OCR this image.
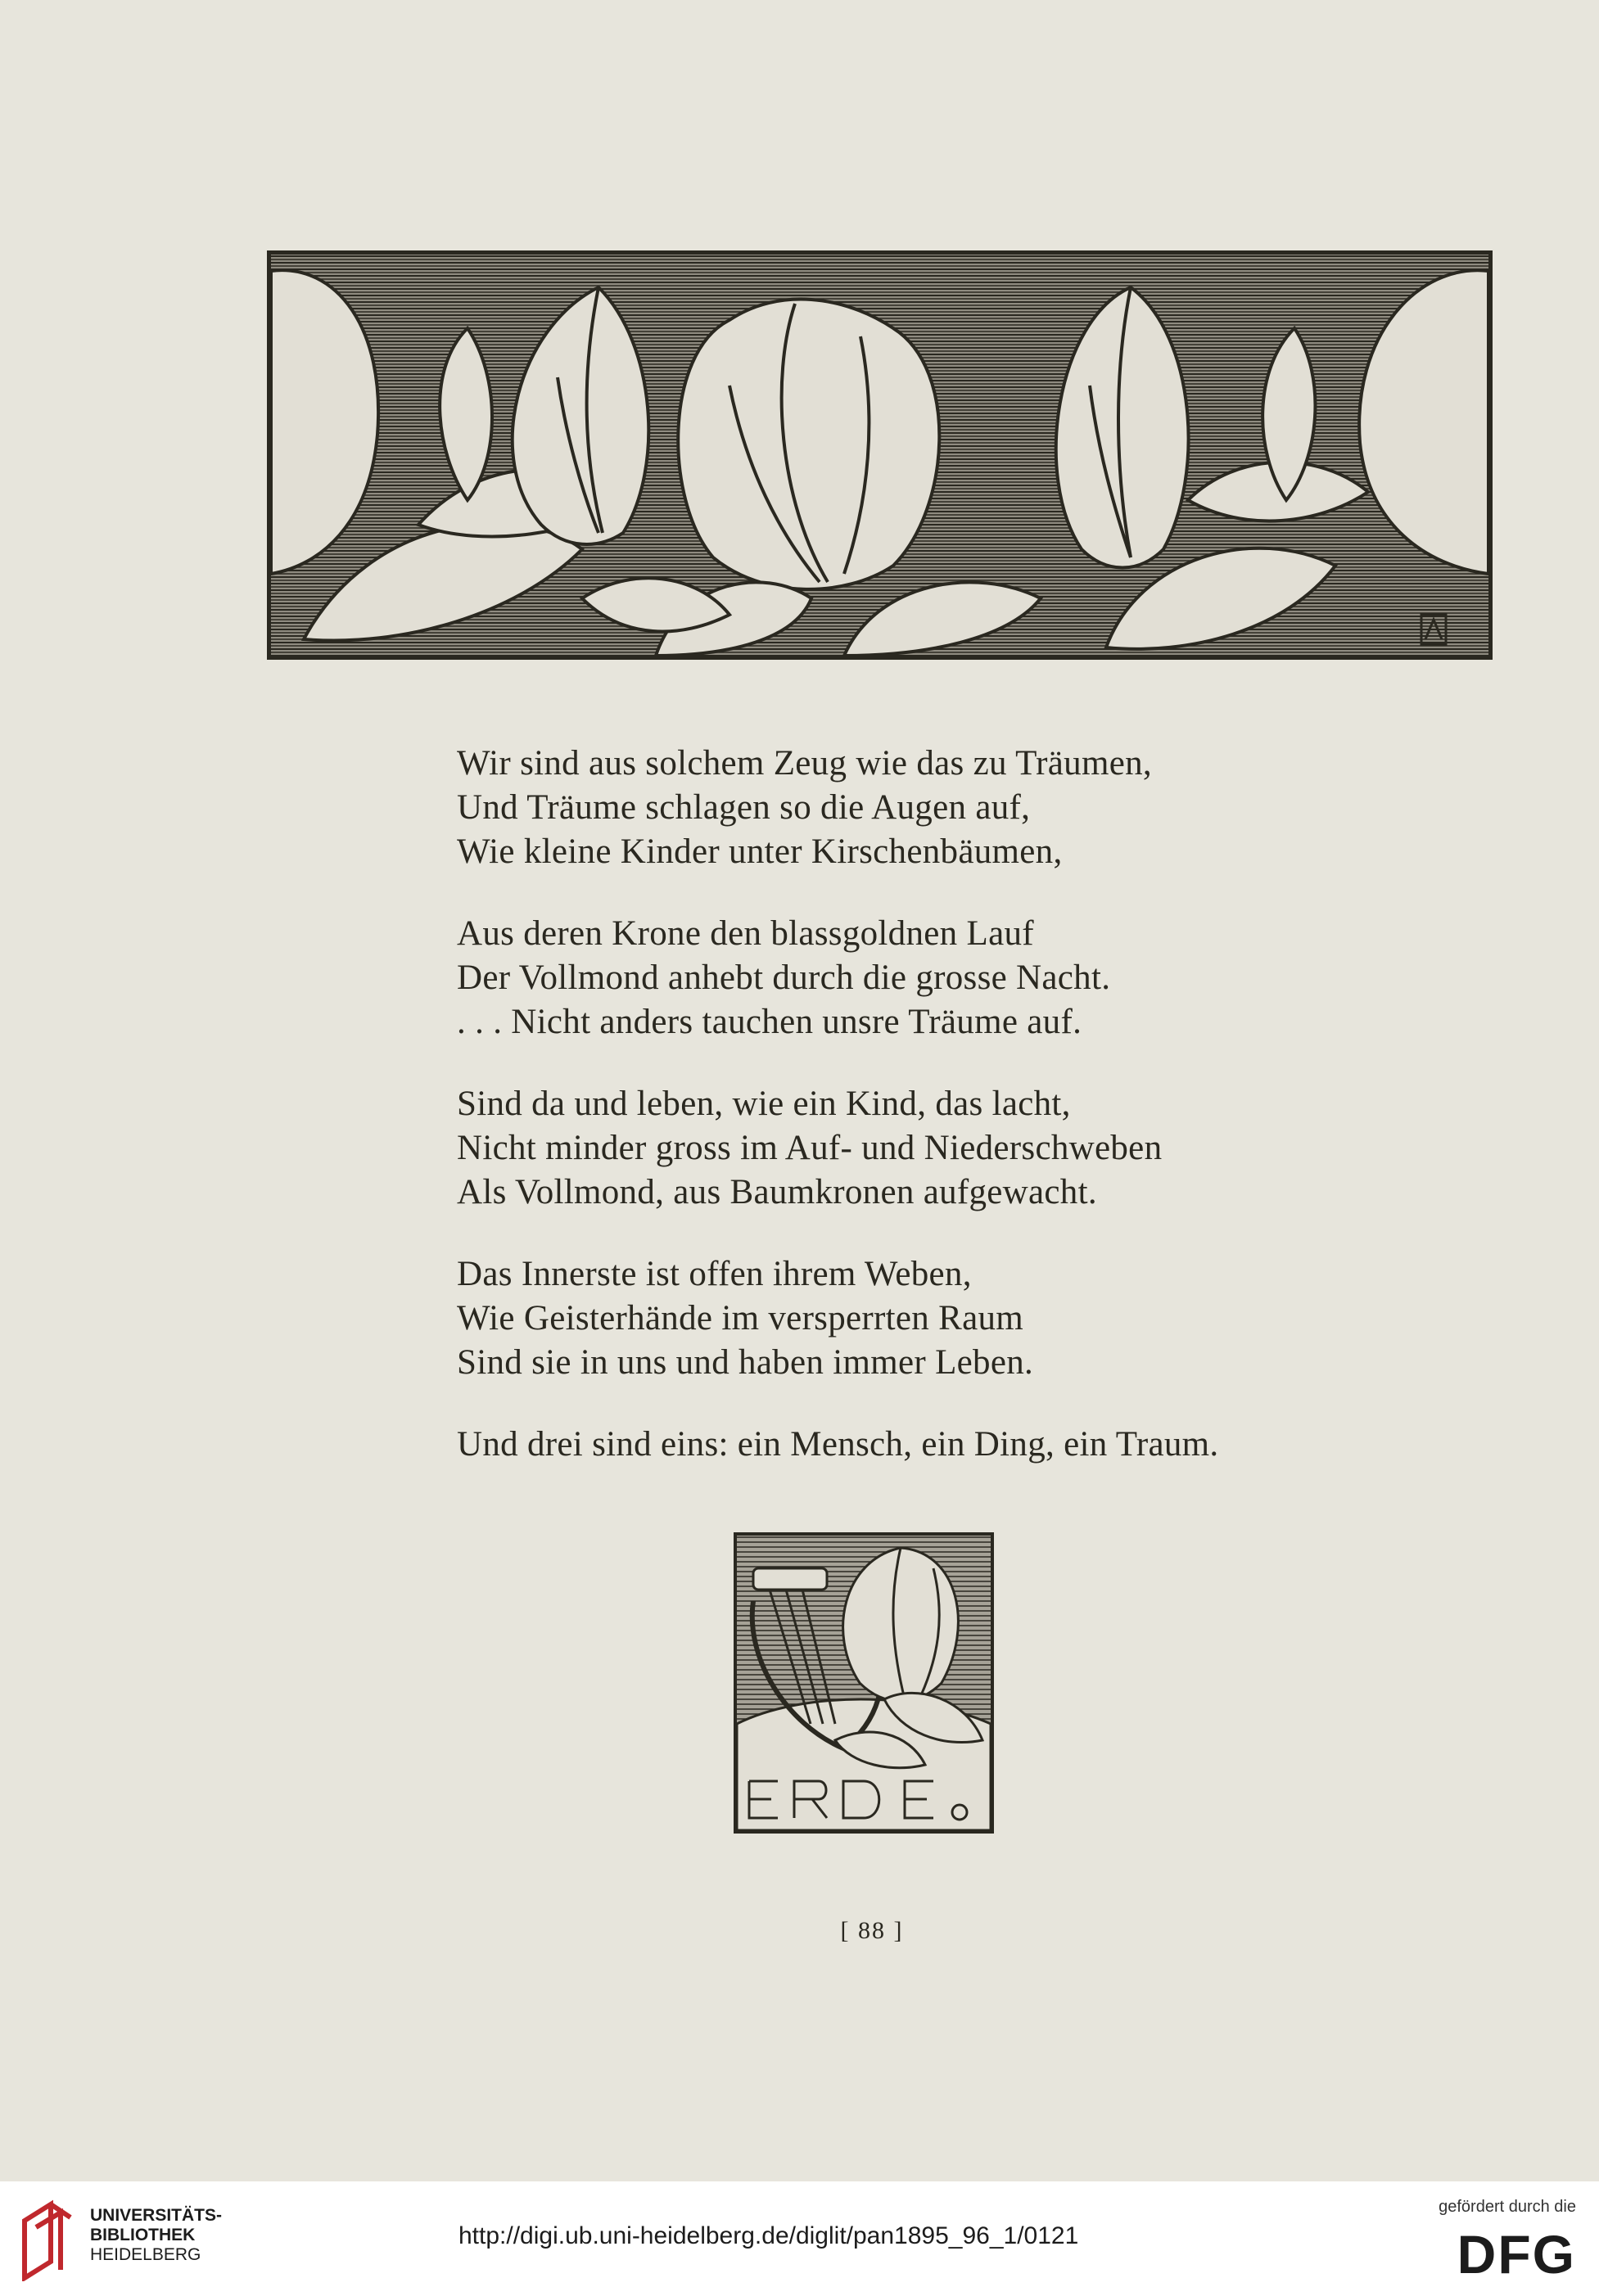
Wir sind aus solchem Zeug wie das zu Träumen,
Und Träume schlagen so die Augen auf,
Wie kleine Kinder unter Kirschenbäumen,

Aus deren Krone den blassgoldnen Lauf
Der Vollmond anhebt durch die grosse Nacht.
. . . Nicht anders tauchen unsre Träume auf.

Sind da und leben, wie ein Kind, das lacht,
Nicht minder gross im Auf- und Niederschweben
Als Vollmond, aus Baumkronen aufgewacht.

Das Innerste ist offen ihrem Weben,
Wie Geisterhände im versperrten Raum
Sind sie in uns und haben immer Leben.

Und drei sind eins: ein Mensch, ein Ding, ein Traum.

[ 88 ]
UNIVERSITÄTS-
BIBLIOTHEK
HEIDELBERG
http://digi.ub.uni-heidelberg.de/diglit/pan1895_96_1/0121
gefördert durch die
DFG
